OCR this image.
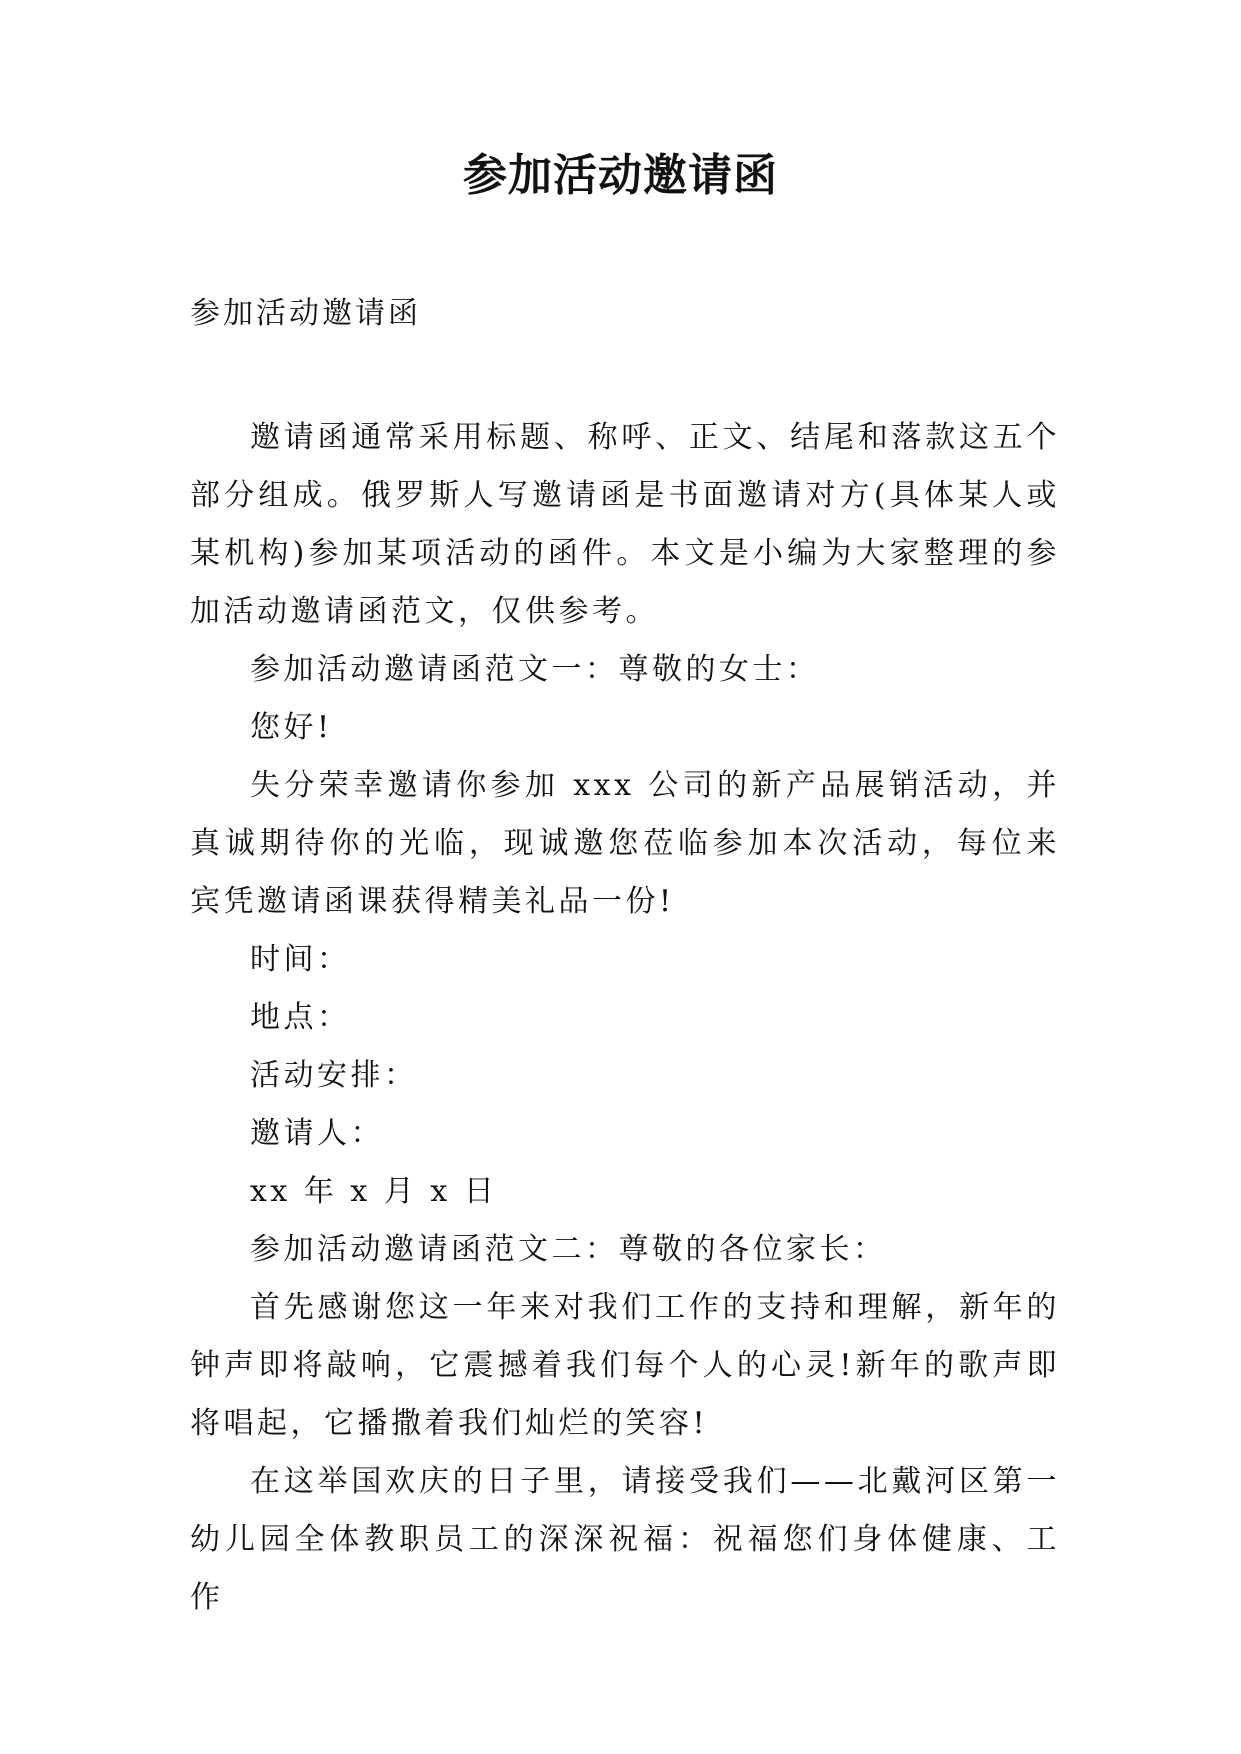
参加活动邀请函
参加活动邀请函

邀请函通常采用标题、称呼、正文、结尾和落款这五个部分组成。俄罗斯人写邀请函是书面邀请对方(具体某人或某机构)参加某项活动的函件。本文是小编为大家整理的参加活动邀请函范文，仅供参考。

参加活动邀请函范文一：尊敬的女士：

您好!

失分荣幸邀请你参加 xxx 公司的新产品展销活动，并真诚期待你的光临，现诚邀您莅临参加本次活动，每位来宾凭邀请函课获得精美礼品一份!

时间：

地点：

活动安排：

邀请人：

xx 年 x 月 x 日

参加活动邀请函范文二：尊敬的各位家长：

首先感谢您这一年来对我们工作的支持和理解，新年的钟声即将敲响，它震撼着我们每个人的心灵!新年的歌声即将唱起，它播撒着我们灿烂的笑容!

在这举国欢庆的日子里，请接受我们——北戴河区第一幼儿园全体教职员工的深深祝福：祝福您们身体健康、工作
